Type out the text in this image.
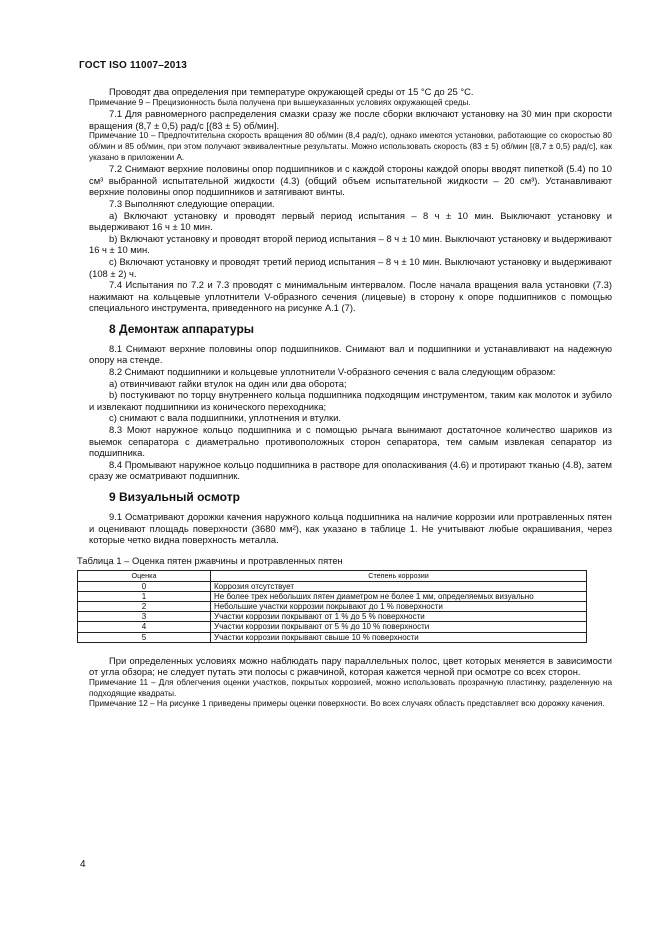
ГОСТ ISO 11007–2013

Проводят два определения при температуре окружающей среды от 15 °С до 25 °С.

Примечание 9 – Прецизионность была получена при вышеуказанных условиях окружающей среды.

7.1 Для равномерного распределения смазки сразу же после сборки включают установку на 30 мин при скорости вращения (8,7 ± 0,5) рад/с [(83 ± 5) об/мин].

Примечание 10 – Предпочтительна скорость вращения 80 об/мин (8,4 рад/с), однако имеются установки, работающие со скоростью 80 об/мин и 85 об/мин, при этом получают эквивалентные результаты. Можно использовать скорость (83 ± 5) об/мин [(8,7 ± 0,5) рад/с], как указано в приложении А.

7.2 Снимают верхние половины опор подшипников и с каждой стороны каждой опоры вводят пипеткой (5.4) по 10 см³ выбранной испытательной жидкости (4.3) (общий объем испытательной жидкости – 20 см³). Устанавливают верхние половины опор подшипников и затягивают винты.

7.3 Выполняют следующие операции.

a) Включают установку и проводят первый период испытания – 8 ч ± 10 мин. Выключают установку и выдерживают 16 ч ± 10 мин.

b) Включают установку и проводят второй период испытания – 8 ч ± 10 мин. Выключают установку и выдерживают 16 ч ± 10 мин.

c) Включают установку и проводят третий период испытания – 8 ч ± 10 мин. Выключают установку и выдерживают (108 ± 2) ч.

7.4 Испытания по 7.2 и 7.3 проводят с минимальным интервалом. После начала вращения вала установки (7.3) нажимают на кольцевые уплотнители V-образного сечения (лицевые) в сторону к опоре подшипников с помощью специального инструмента, приведенного на рисунке А.1 (7).

8 Демонтаж аппаратуры

8.1 Снимают верхние половины опор подшипников. Снимают вал и подшипники и устанавливают на надежную опору на стенде.

8.2 Снимают подшипники и кольцевые уплотнители V-образного сечения с вала следующим образом:

a) отвинчивают гайки втулок на один или два оборота;

b) постукивают по торцу внутреннего кольца подшипника подходящим инструментом, таким как молоток и зубило и извлекают подшипники из конического переходника;

c) снимают с вала подшипники, уплотнения и втулки.

8.3 Моют наружное кольцо подшипника и с помощью рычага вынимают достаточное количество шариков из выемок сепаратора с диаметрально противоположных сторон сепаратора, тем самым извлекая сепаратор из подшипника.

8.4 Промывают наружное кольцо подшипника в растворе для ополаскивания (4.6) и протирают тканью (4.8), затем сразу же осматривают подшипник.

9 Визуальный осмотр

9.1 Осматривают дорожки качения наружного кольца подшипника на наличие коррозии или протравленных пятен и оценивают площадь поверхности (3680 мм²), как указано в таблице 1. Не учитывают любые окрашивания, через которые четко видна поверхность металла.

Таблица 1 – Оценка пятен ржавчины и протравленных пятен
Оценка	Степень коррозии
0	Коррозия отсутствует
1	Не более трех небольших пятен диаметром не более 1 мм, определяемых визуально
2	Небольшие участки коррозии покрывают до 1 % поверхности
3	Участки коррозии покрывают от 1 % до 5 % поверхности
4	Участки коррозии покрывают от 5 % до 10 % поверхности
5	Участки коррозии покрывают свыше 10 % поверхности

При определенных условиях можно наблюдать пару параллельных полос, цвет которых меняется в зависимости от угла обзора; не следует путать эти полосы с ржавчиной, которая кажется черной при осмотре со всех сторон.

Примечание 11 – Для облегчения оценки участков, покрытых коррозией, можно использовать прозрачную пластинку, разделенную на подходящие квадраты.

Примечание 12 – На рисунке 1 приведены примеры оценки поверхности. Во всех случаях область представляет всю дорожку качения.

4
